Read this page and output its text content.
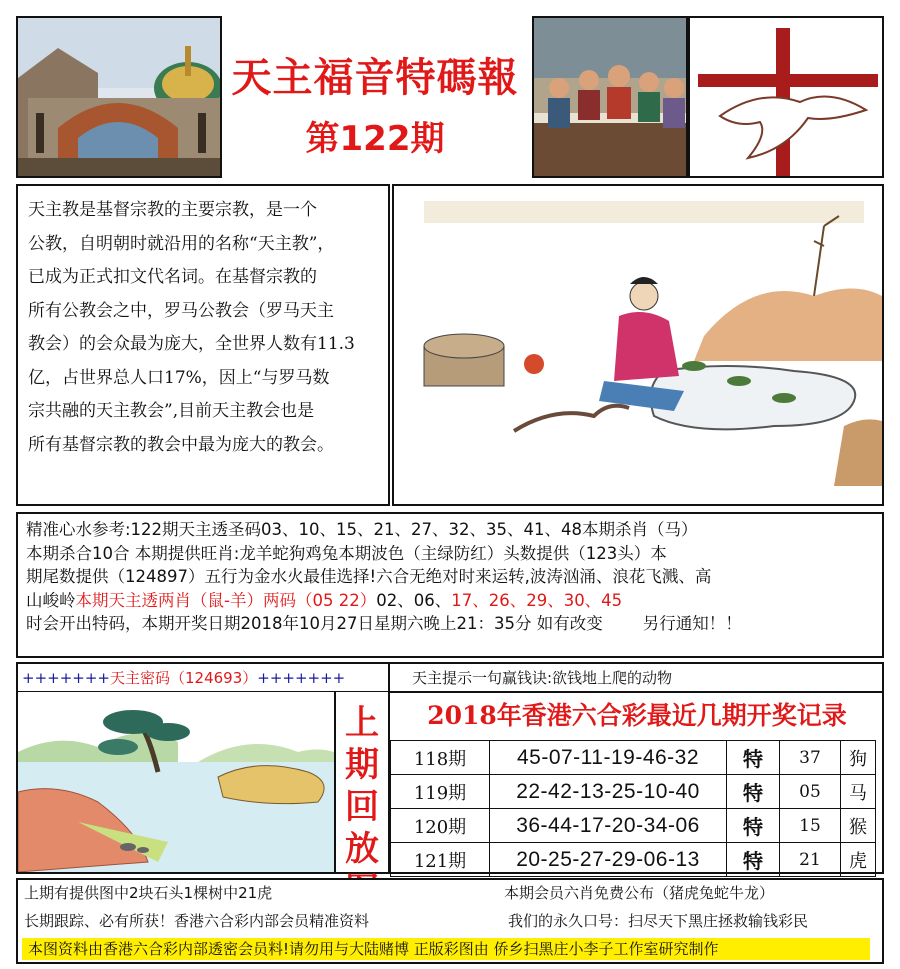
天主福音特碼報
第122期
天主教是基督宗教的主要宗教，是一个
公教，自明朝时就沿用的名称“天主教”，
已成为正式扣文代名词。在基督宗教的
所有公教会之中，罗马公教会（罗马天主
教会）的会众最为庞大，全世界人数有11.3
亿，占世界总人口17%，因上“与罗马数
宗共融的天主教会”,目前天主教会也是
所有基督宗教的教会中最为庞大的教会。
精准心水参考:122期天主透圣码03、10、15、21、27、32、35、41、48本期杀肖（马）
本期杀合10合 本期提供旺肖:龙羊蛇狗鸡兔本期波色（主绿防红）头数提供（123头）本
期尾数提供（124897）五行为金水火最佳选择!六合无绝对时来运转,波涛汹涌、浪花飞溅、高
山峻岭本期天主透两肖（鼠-羊）两码（05 22）02、06、17、26、29、30、45
时会开出特码，本期开奖日期2018年10月27日星期六晚上21：35分 如有改变 另行通知！！
+++++++天主密码（124693）+++++++
上
期
回
放
天主提示一句赢钱诀:欲钱地上爬的动物
2018年香港六合彩最近几期开奖记录
118期	45-07-11-19-46-32	特	37	狗
119期	22-42-13-25-10-40	特	05	马
120期	36-44-17-20-34-06	特	15	猴
121期	20-25-27-29-06-13	特	21	虎
上期有提供图中2块石头1棵树中21虎	本期会员六肖免费公布（猪虎兔蛇牛龙）
长期跟踪、必有所获！香港六合彩内部会员精准资料	我们的永久口号：扫尽天下黑庄拯救输钱彩民
本图资料由香港六合彩内部透密会员料!请勿用与大陆赌博 正版彩图由 侨乡扫黑庄小李子工作室研究制作
